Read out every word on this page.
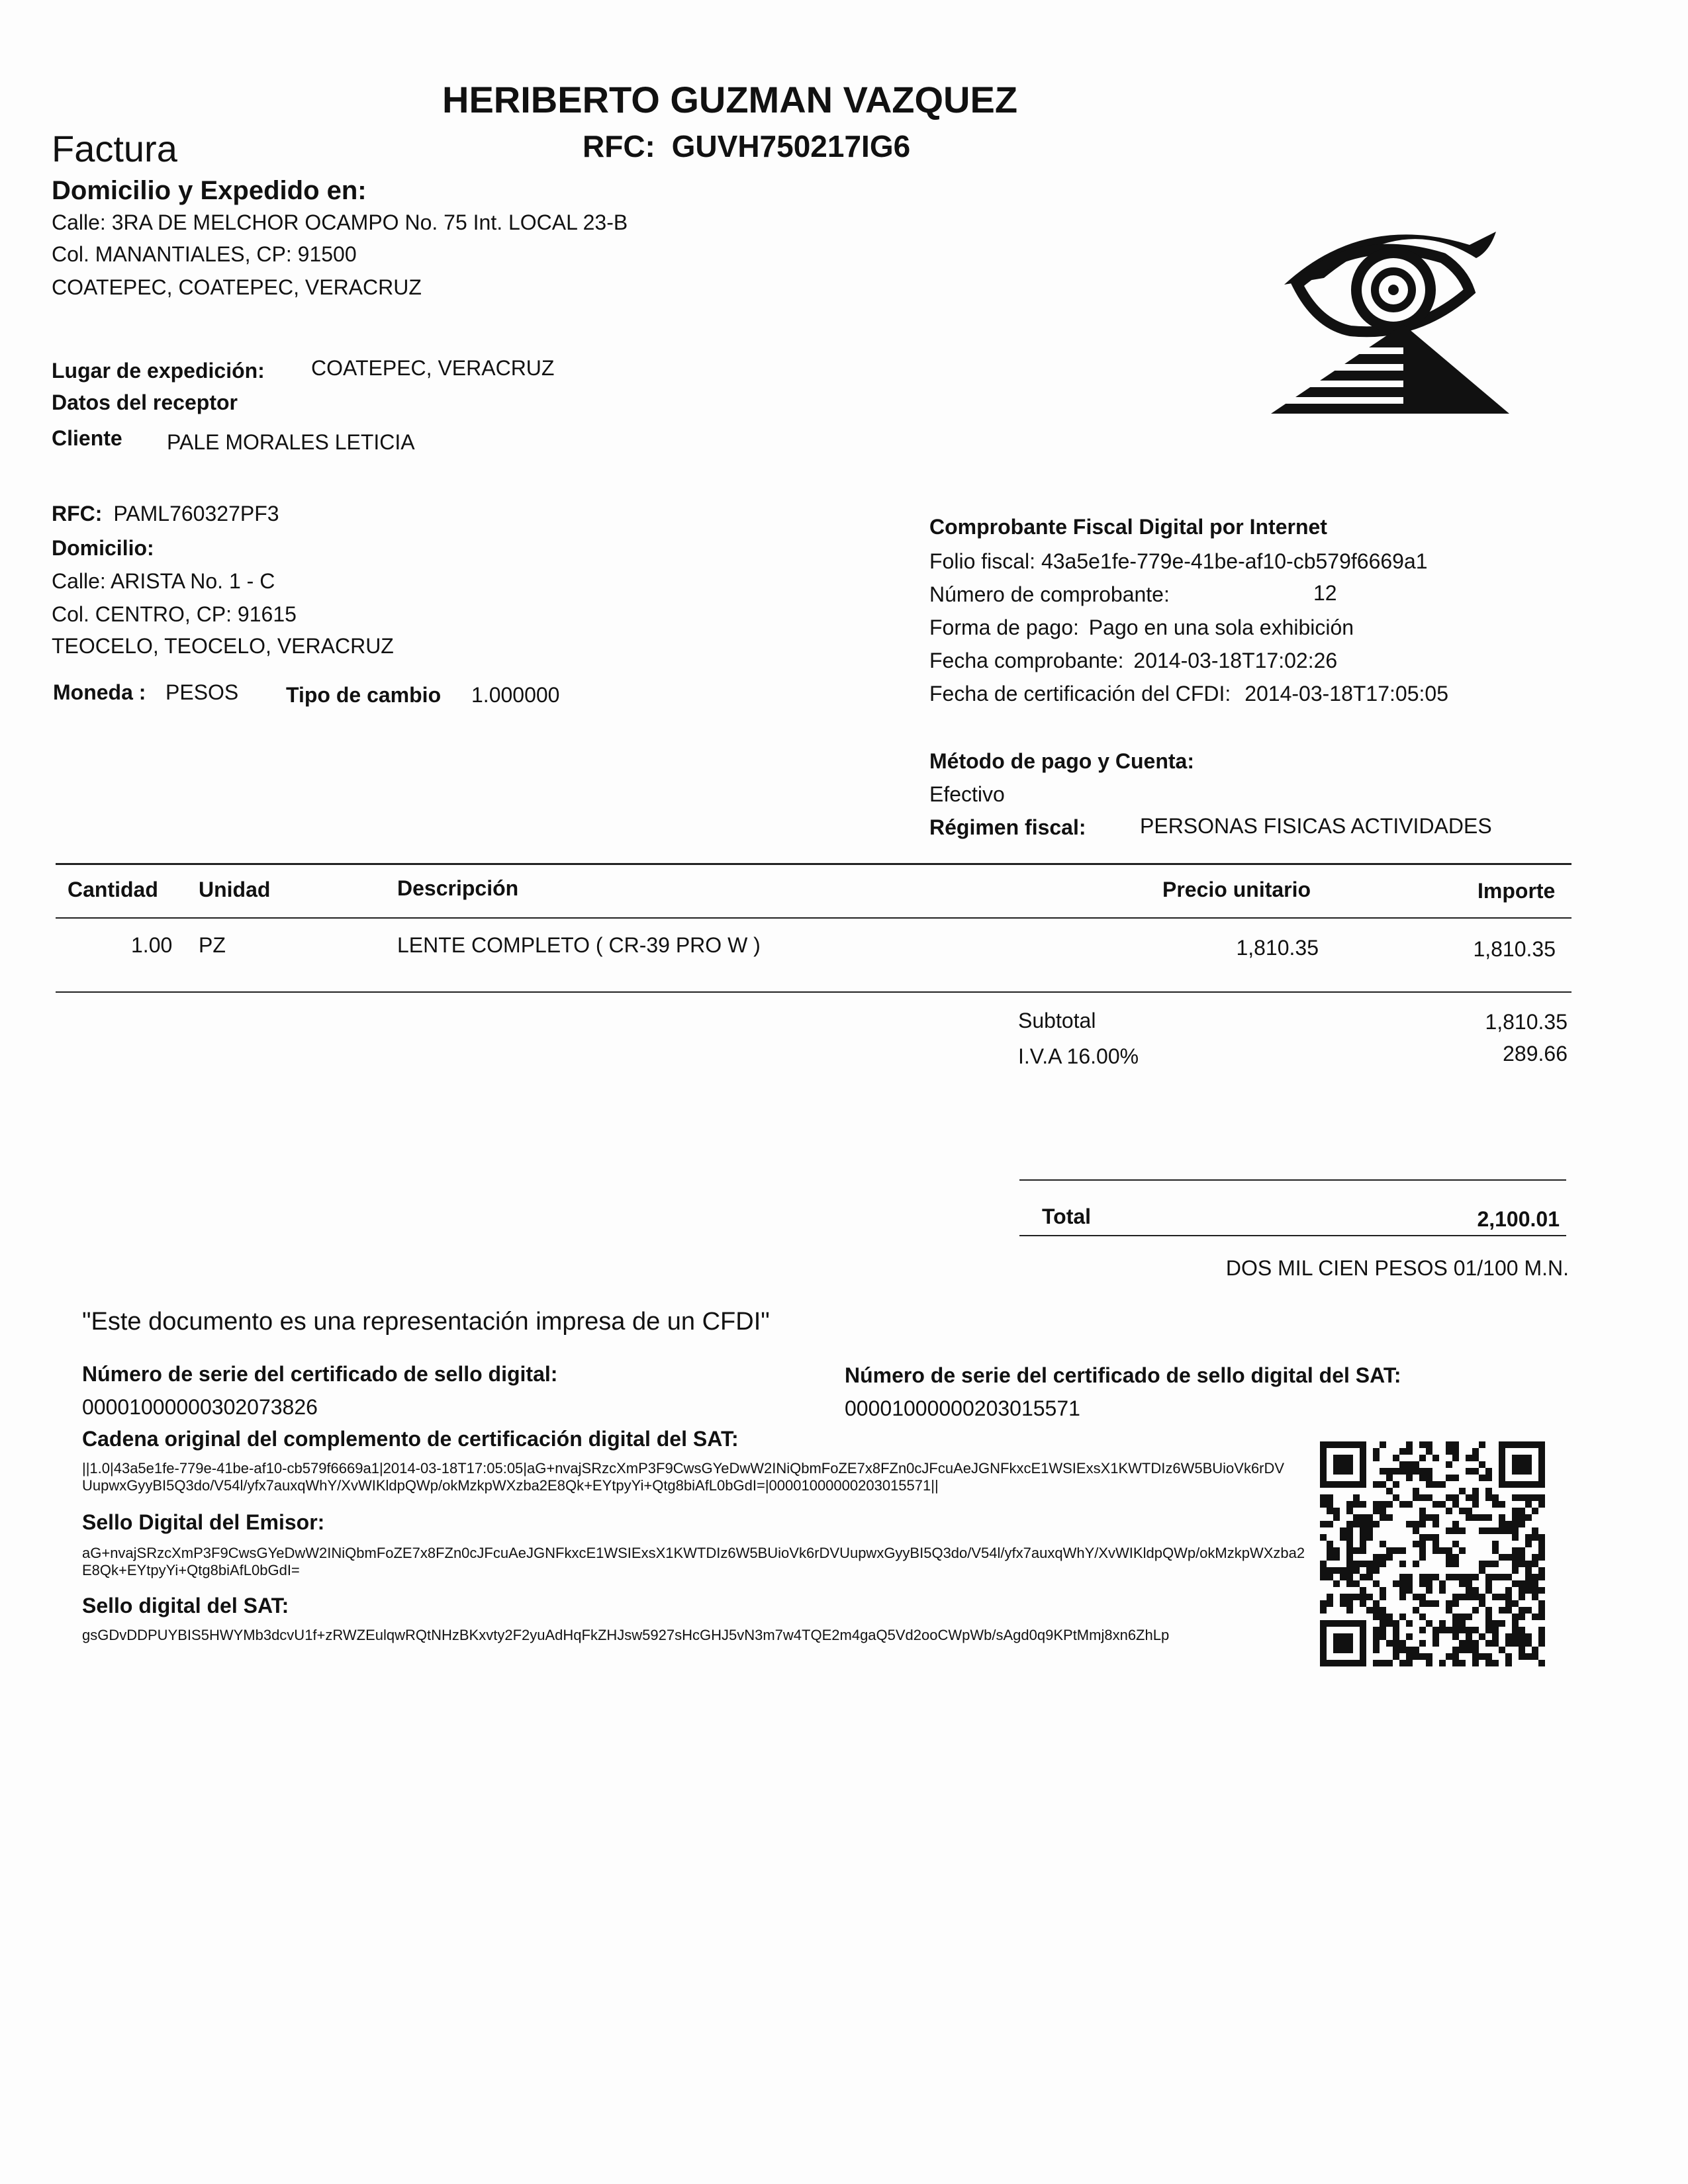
HERIBERTO GUZMAN VAZQUEZ
Factura	RFC: GUVH750217IG6
Domicilio y Expedido en:
Calle: 3RA DE MELCHOR OCAMPO No. 75 Int. LOCAL 23-B
Col. MANANTIALES, CP: 91500
COATEPEC, COATEPEC, VERACRUZ
Lugar de expedición: COATEPEC, VERACRUZ
Datos del receptor
Cliente PALE MORALES LETICIA
RFC: PAML760327PF3
Domicilio:
Calle: ARISTA No. 1 - C
Col. CENTRO, CP: 91615
TEOCELO, TEOCELO, VERACRUZ
Moneda : PESOS Tipo de cambio 1.000000
Comprobante Fiscal Digital por Internet
Folio fiscal: 43a5e1fe-779e-41be-af10-cb579f6669a1
Número de comprobante:	12
Forma de pago: Pago en una sola exhibición
Fecha comprobante: 2014-03-18T17:02:26
Fecha de certificación del CFDI: 2014-03-18T17:05:05
Método de pago y Cuenta:
Efectivo
Régimen fiscal:	PERSONAS FISICAS ACTIVIDADES
Cantidad Unidad	Descripción	Precio unitario	Importe
1.00 PZ	LENTE COMPLETO ( CR-39 PRO W )	1,810.35	1,810.35
Subtotal	1,810.35
I.V.A 16.00%	289.66
Total	2,100.01
DOS MIL CIEN PESOS 01/100 M.N.
"Este documento es una representación impresa de un CFDI"
Número de serie del certificado de sello digital:
00001000000302073826
Número de serie del certificado de sello digital del SAT:
00001000000203015571
Cadena original del complemento de certificación digital del SAT:
||1.0|43a5e1fe-779e-41be-af10-cb579f6669a1|2014-03-18T17:05:05|aG+nvajSRzcXmP3F9CwsGYeDwW2INiQbmFoZE7x8FZn0cJFcuAeJGNFkxcE1WSIExsX1KWTDIz6W5BUioVk6rDVUupwxGyyBI5Q3do/V54l/yfx7auxqWhY/XvWIKldpQWp/okMzkpWXzba2E8Qk+EYtpyYi+Qtg8biAfL0bGdI=|00001000000203015571||
Sello Digital del Emisor:
aG+nvajSRzcXmP3F9CwsGYeDwW2INiQbmFoZE7x8FZn0cJFcuAeJGNFkxcE1WSIExsX1KWTDIz6W5BUioVk6rDVUupwxGyyBI5Q3do/V54l/yfx7auxqWhY/XvWIKldpQWp/okMzkpWXzba2E8Qk+EYtpyYi+Qtg8biAfL0bGdI=
Sello digital del SAT:
gsGDvDDPUYBIS5HWYMb3dcvU1f+zRWZEulqwRQtNHzBKxvty2F2yuAdHqFkZHJsw5927sHcGHJ5vN3m7w4TQE2m4gaQ5Vd2ooCWpWb/sAgd0q9KPtMmj8xn6ZhLp
